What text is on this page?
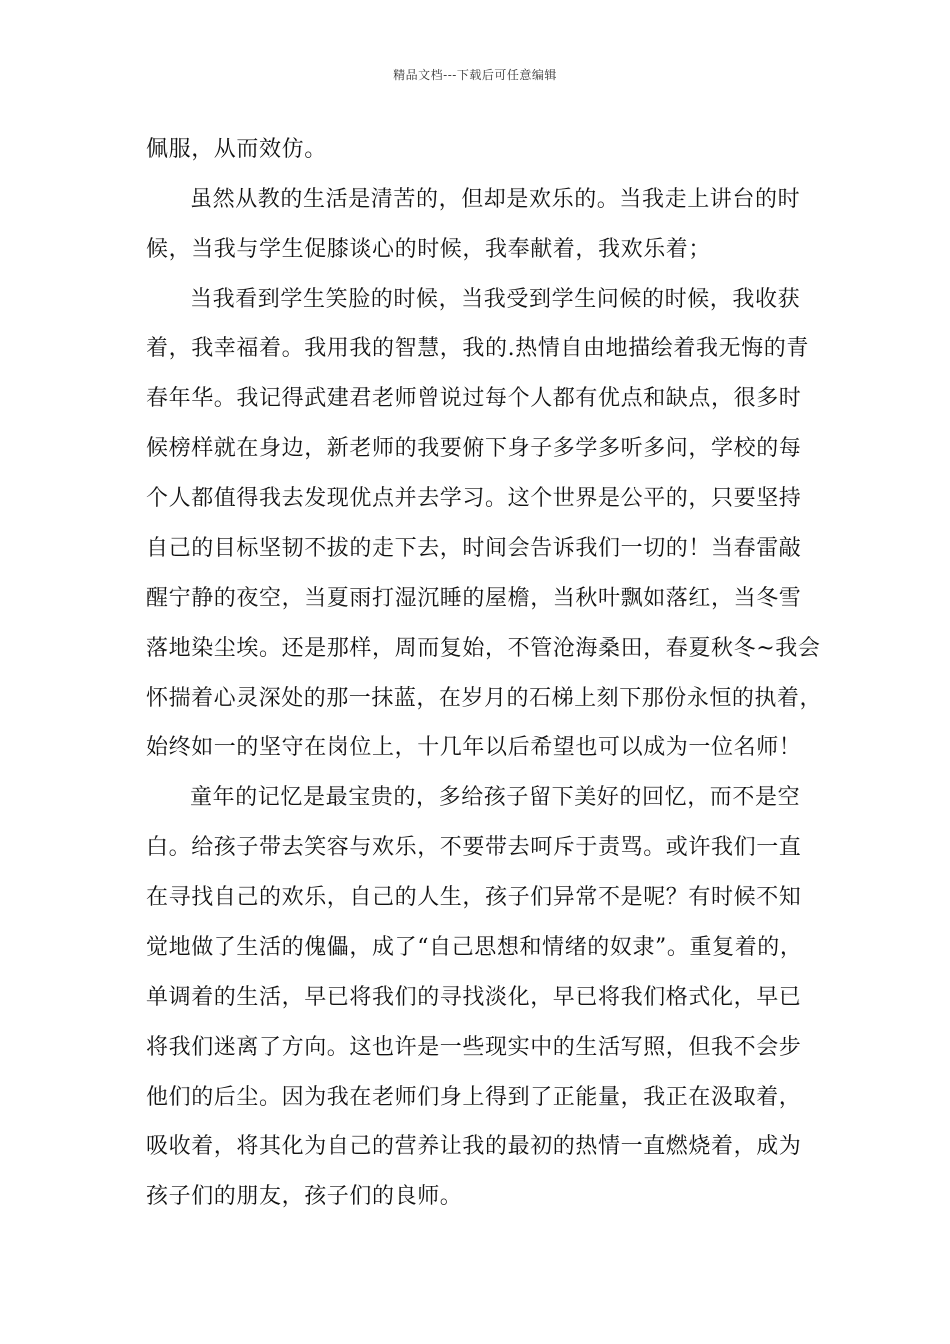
精品文档---下载后可任意编辑
佩服，从而效仿。
虽然从教的生活是清苦的，但却是欢乐的。当我走上讲台的时
候，当我与学生促膝谈心的时候，我奉献着，我欢乐着；
当我看到学生笑脸的时候，当我受到学生问候的时候，我收获
着，我幸福着。我用我的智慧，我的.热情自由地描绘着我无悔的青
春年华。我记得武建君老师曾说过每个人都有优点和缺点，很多时
候榜样就在身边，新老师的我要俯下身子多学多听多问，学校的每
个人都值得我去发现优点并去学习。这个世界是公平的，只要坚持
自己的目标坚韧不拔的走下去，时间会告诉我们一切的！当春雷敲
醒宁静的夜空，当夏雨打湿沉睡的屋檐，当秋叶飘如落红，当冬雪
落地染尘埃。还是那样，周而复始，不管沧海桑田，春夏秋冬~我会
怀揣着心灵深处的那一抹蓝，在岁月的石梯上刻下那份永恒的执着，
始终如一的坚守在岗位上，十几年以后希望也可以成为一位名师！
童年的记忆是最宝贵的，多给孩子留下美好的回忆，而不是空
白。给孩子带去笑容与欢乐，不要带去呵斥于责骂。或许我们一直
在寻找自己的欢乐，自己的人生，孩子们异常不是呢？有时候不知
觉地做了生活的傀儡，成了“自己思想和情绪的奴隶”。重复着的，
单调着的生活，早已将我们的寻找淡化，早已将我们格式化，早已
将我们迷离了方向。这也许是一些现实中的生活写照，但我不会步
他们的后尘。因为我在老师们身上得到了正能量，我正在汲取着，
吸收着，将其化为自己的营养让我的最初的热情一直燃烧着，成为
孩子们的朋友，孩子们的良师。
